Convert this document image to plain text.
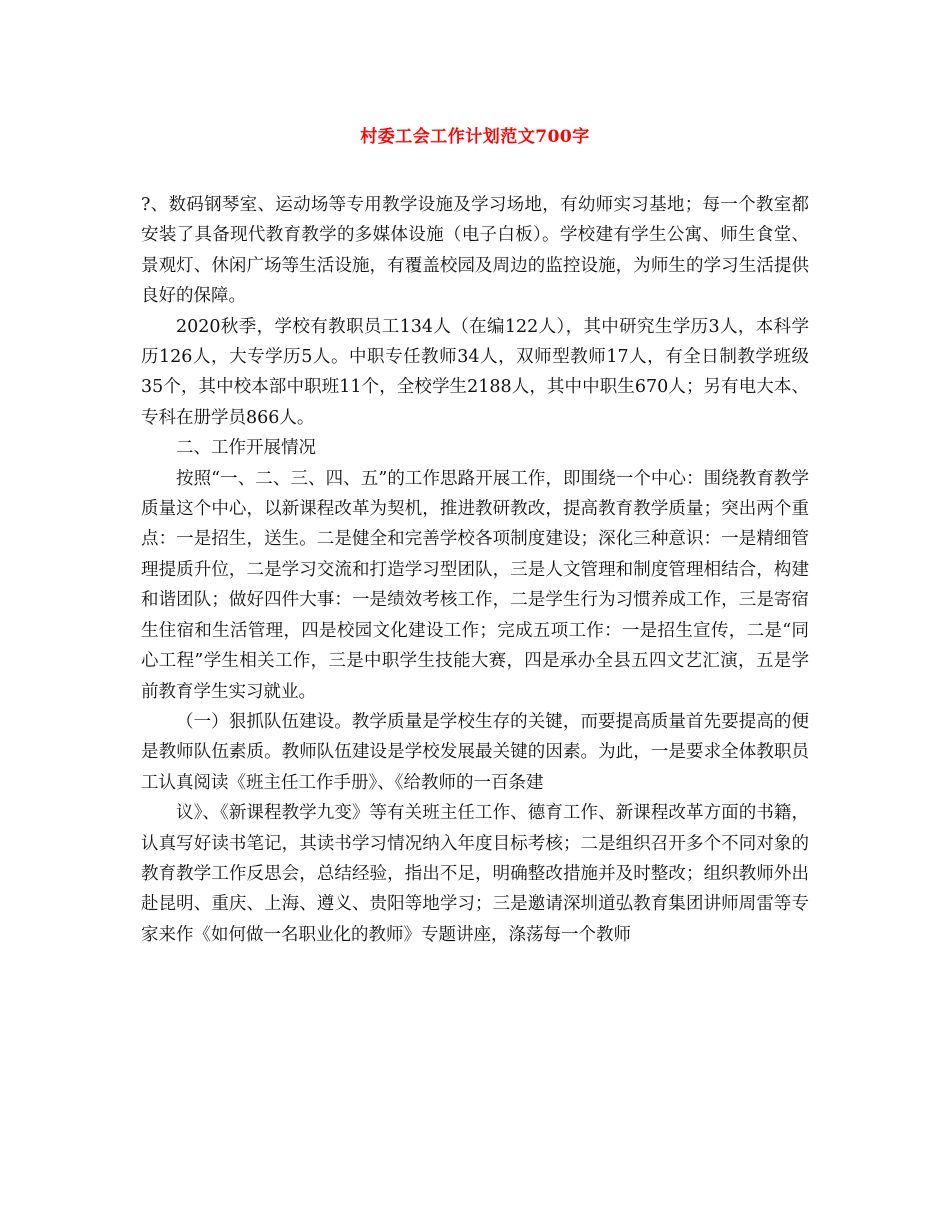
村委工会工作计划范文700字

?、数码钢琴室、运动场等专用教学设施及学习场地，有幼师实习基地；每一个教室都安装了具备现代教育教学的多媒体设施（电子白板）。学校建有学生公寓、师生食堂、景观灯、休闲广场等生活设施，有覆盖校园及周边的监控设施，为师生的学习生活提供良好的保障。

2020秋季，学校有教职员工134人（在编122人），其中研究生学历3人，本科学历126人，大专学历5人。中职专任教师34人，双师型教师17人，有全日制教学班级35个，其中校本部中职班11个，全校学生2188人，其中中职生670人；另有电大本、专科在册学员866人。

二、工作开展情况

按照“一、二、三、四、五”的工作思路开展工作，即围绕一个中心：围绕教育教学质量这个中心，以新课程改革为契机，推进教研教改，提高教育教学质量；突出两个重点：一是招生，送生。二是健全和完善学校各项制度建设；深化三种意识：一是精细管理提质升位，二是学习交流和打造学习型团队，三是人文管理和制度管理相结合，构建和谐团队；做好四件大事：一是绩效考核工作，二是学生行为习惯养成工作，三是寄宿生住宿和生活管理，四是校园文化建设工作；完成五项工作：一是招生宣传，二是“同心工程”学生相关工作，三是中职学生技能大赛，四是承办全县五四文艺汇演，五是学前教育学生实习就业。

（一）狠抓队伍建设。教学质量是学校生存的关键，而要提高质量首先要提高的便是教师队伍素质。教师队伍建设是学校发展最关键的因素。为此，一是要求全体教职员工认真阅读《班主任工作手册》、《给教师的一百条建

议》、《新课程教学九变》等有关班主任工作、德育工作、新课程改革方面的书籍，认真写好读书笔记，其读书学习情况纳入年度目标考核；二是组织召开多个不同对象的教育教学工作反思会，总结经验，指出不足，明确整改措施并及时整改；组织教师外出赴昆明、重庆、上海、遵义、贵阳等地学习；三是邀请深圳道弘教育集团讲师周雷等专家来作《如何做一名职业化的教师》专题讲座，涤荡每一个教师
